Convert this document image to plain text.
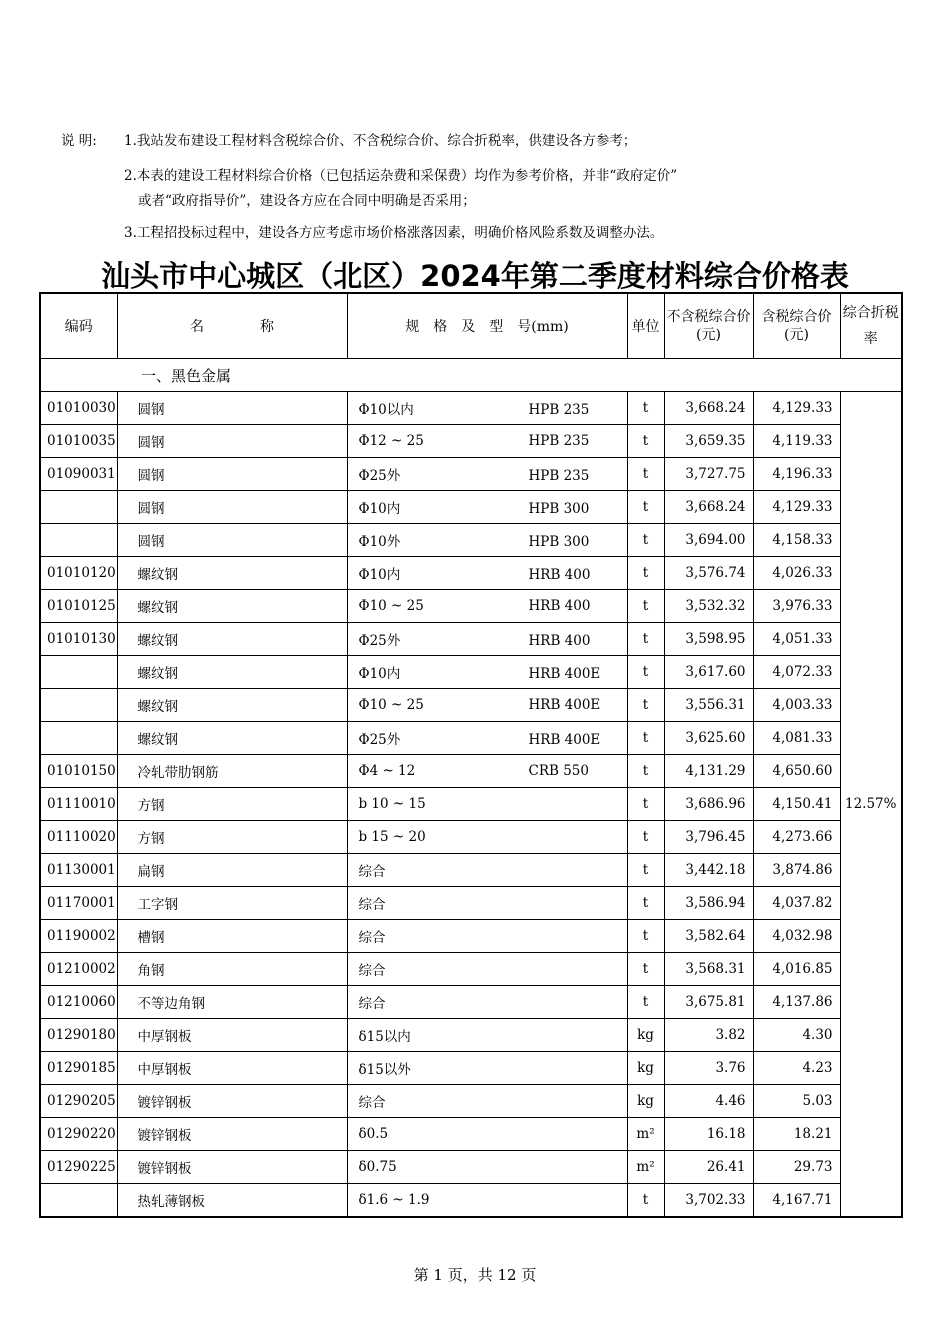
说 明: 1.我站发布建设工程材料含税综合价、不含税综合价、综合折税率，供建设各方参考；
2.本表的建设工程材料综合价格（已包括运杂费和采保费）均作为参考价格，并非“政府定价”
或者“政府指导价”，建设各方应在合同中明确是否采用；
3.工程招投标过程中，建设各方应考虑市场价格涨落因素，明确价格风险系数及调整办法。
汕头市中心城区（北区）2024年第二季度材料综合价格表
编码	名　　　　称	规　格　及　型　号(mm)	单位	不含税综合价(元)	含税综合价(元)	综合折税率
一、黑色金属						
01010030	圆钢	Φ10以内 HPB 235	t	3,668.24	4,129.33	12.57%
01010035	圆钢	Φ12 ~ 25 HPB 235	t	3,659.35	4,119.33	
01090031	圆钢	Φ25外 HPB 235	t	3,727.75	4,196.33	
	圆钢	Φ10内 HPB 300	t	3,668.24	4,129.33	
	圆钢	Φ10外 HPB 300	t	3,694.00	4,158.33	
01010120	螺纹钢	Φ10内 HRB 400	t	3,576.74	4,026.33	
01010125	螺纹钢	Φ10 ~ 25 HRB 400	t	3,532.32	3,976.33	
01010130	螺纹钢	Φ25外 HRB 400	t	3,598.95	4,051.33	
	螺纹钢	Φ10内 HRB 400E	t	3,617.60	4,072.33	
	螺纹钢	Φ10 ~ 25 HRB 400E	t	3,556.31	4,003.33	
	螺纹钢	Φ25外 HRB 400E	t	3,625.60	4,081.33	
01010150	冷轧带肋钢筋	Φ4 ~ 12 CRB 550	t	4,131.29	4,650.60	
01110010	方钢	b 10 ~ 15	t	3,686.96	4,150.41	
01110020	方钢	b 15 ~ 20	t	3,796.45	4,273.66	
01130001	扁钢	综合	t	3,442.18	3,874.86	
01170001	工字钢	综合	t	3,586.94	4,037.82	
01190002	槽钢	综合	t	3,582.64	4,032.98	
01210002	角钢	综合	t	3,568.31	4,016.85	
01210060	不等边角钢	综合	t	3,675.81	4,137.86	
01290180	中厚钢板	δ15以内	kg	3.82	4.30	
01290185	中厚钢板	δ15以外	kg	3.76	4.23	
01290205	镀锌钢板	综合	kg	4.46	5.03	
01290220	镀锌钢板	δ0.5	m²	16.18	18.21	
01290225	镀锌钢板	δ0.75	m²	26.41	29.73	
	热轧薄钢板	δ1.6 ~ 1.9	t	3,702.33	4,167.71	
第 1 页，共 12 页
